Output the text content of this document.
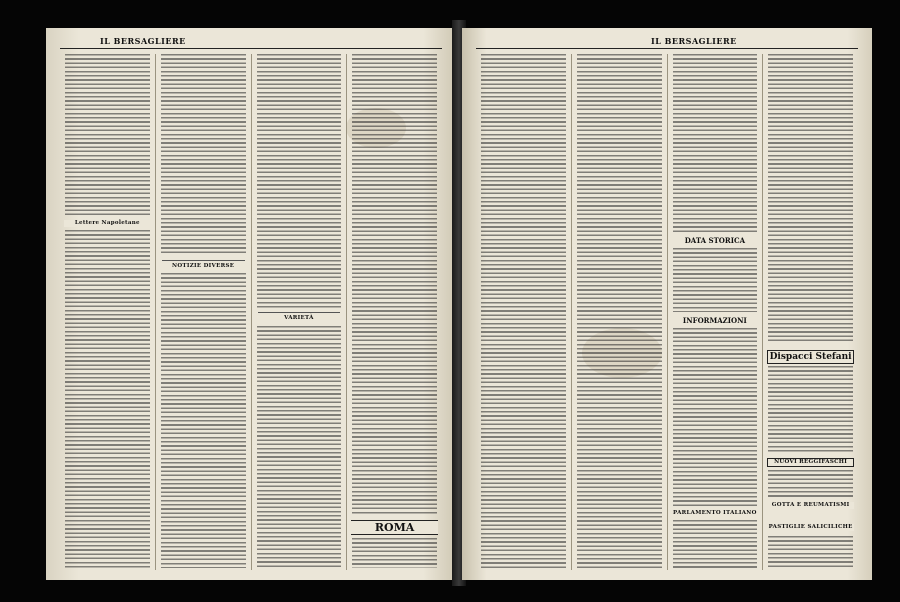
IL BERSAGLIERE
Lettere Napoletane
NOTIZIE DIVERSE
VARIETÀ
ROMA
IL BERSAGLIERE
DATA STORICA
INFORMAZIONI
PARLAMENTO ITALIANO
Dispacci Stefani
NUOVI REGGIFASCHI
GOTTA E REUMATISMI
PASTIGLIE SALICILICHE
